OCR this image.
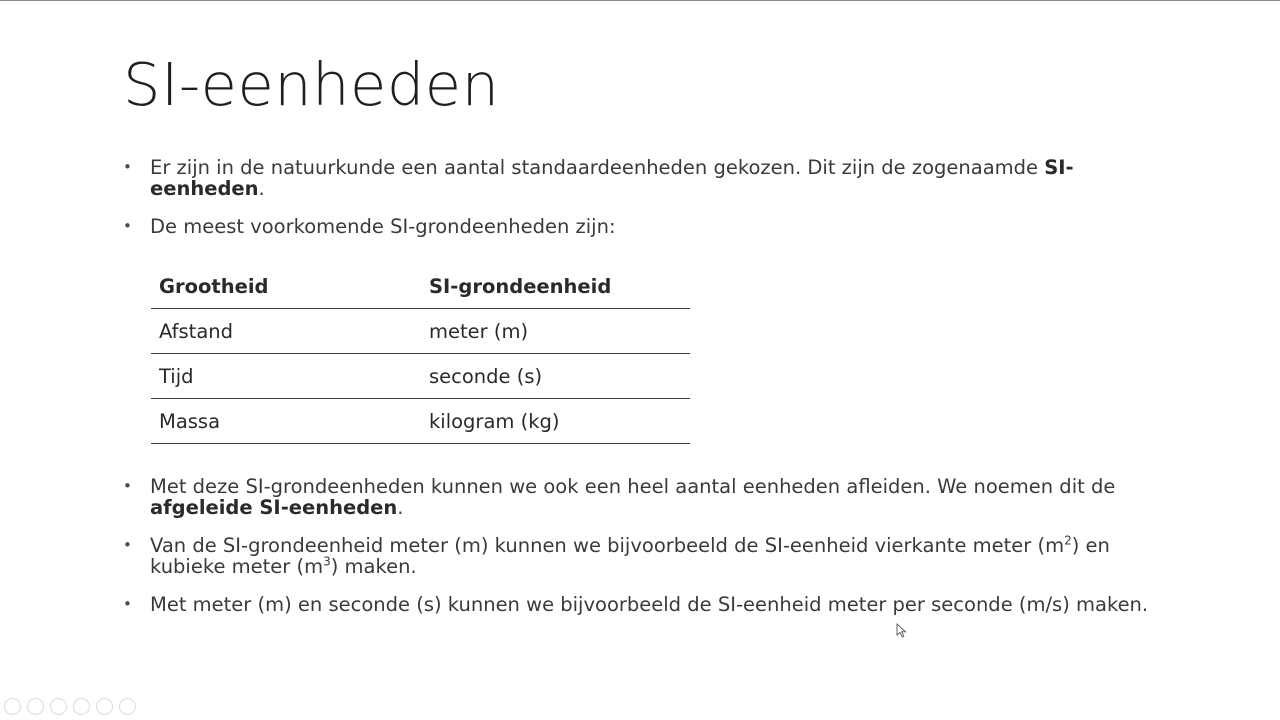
SI-eenheden
• Er zijn in de natuurkunde een aantal standaardeenheden gekozen. Dit zijn de zogenaamde SI-eenheden.
• De meest voorkomende SI-grondeenheden zijn:
Grootheid	SI-grondeenheid
Afstand	meter (m)
Tijd	seconde (s)
Massa	kilogram (kg)
• Met deze SI-grondeenheden kunnen we ook een heel aantal eenheden afleiden. We noemen dit de afgeleide SI-eenheden.
• Van de SI-grondeenheid meter (m) kunnen we bijvoorbeeld de SI-eenheid vierkante meter $(m^2)$ en kubieke meter $(m^3)$ maken.
• Met meter (m) en seconde (s) kunnen we bijvoorbeeld de SI-eenheid meter per seconde (m/s) maken.
